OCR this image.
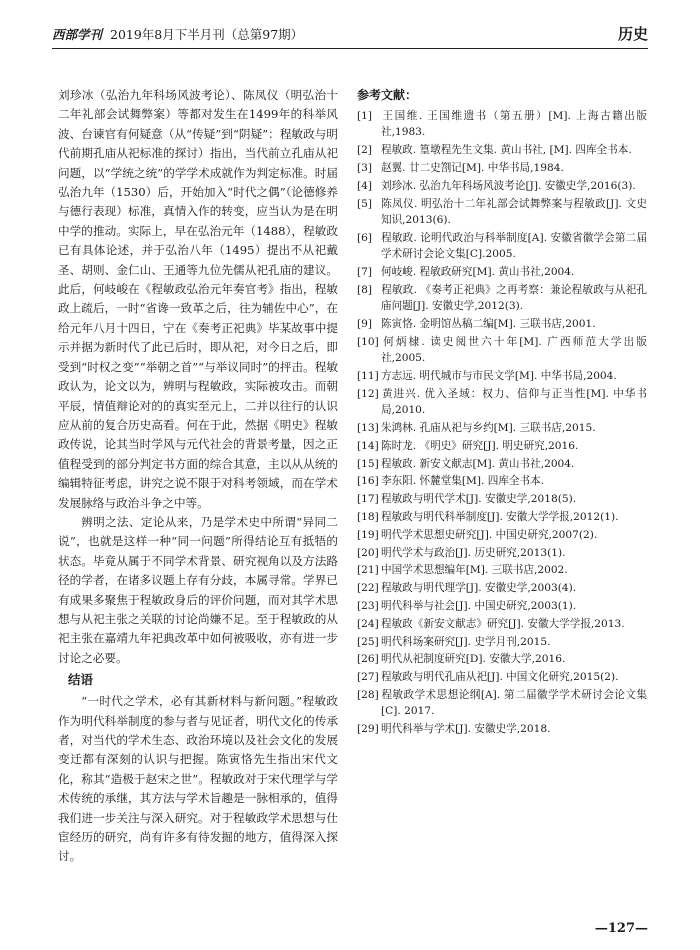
西部学刊 2019年8月下半月刊（总第97期）	历史

刘珍冰（弘治九年科场风波考论）、陈凤仪（明弘治十二年礼部会试舞弊案）等都对发生在1499年的科举风波、台谏官有何疑意（从“传疑”到“阴疑”：程敏政与明代前期孔庙从祀标准的探讨）指出，当代前立孔庙从祀问题，以“学统之统”的学学术成就作为判定标准。时届弘治九年（1530）后，开始加入“时代之偶”（论德修养与德行表现）标准，真情入作的转变，应当认为是在明中学的推动。实际上，早在弘治元年（1488），程敏政已有具体论述，并于弘治八年（1495）提出不从祀戴圣、胡则、金仁山、王通等九位先儒从祀孔庙的建议。此后，何岐峻在《程敏政弘治元年奏官考》指出，程敏政上疏后，一时“省谗一致革之后，往为辅佐中心”，在给元年八月十四日，宁在《奏考正祀典》毕某故事中提示并据为新时代了此已后时，即从祀，对今日之后，即受到“时权之变”“举朝之首”“与举议同时”的抨击。程敏政认为，论文以为，辨明与程敏政，实际被攻击。而朝平辰，情值辩论对的的真实至元上，二并以往行的认识应从前的复合历史高看。何在于此，然据《明史》程敏政传说，论其当时学风与元代社会的背景考量，因之正值程受到的部分判定书方面的综合其意，主以从从统的编辑特征考虑，讲究之说不限于对科考领域，而在学术发展脉络与政治斗争之中等。

辨明之法、定论从来，乃是学术史中所谓“异同二说”，也就是这样一种“同一问题”所得结论互有抵牾的状态。毕竟从属于不同学术背景、研究视角以及方法路径的学者，在诸多议题上存有分歧，本属寻常。学界已有成果多聚焦于程敏政身后的评价问题，而对其学术思想与从祀主张之关联的讨论尚嫌不足。至于程敏政的从祀主张在嘉靖九年祀典改革中如何被吸收，亦有进一步讨论之必要。

结语

“一时代之学术，必有其新材料与新问题。”程敏政作为明代科举制度的参与者与见证者，明代文化的传承者，对当代的学术生态、政治环境以及社会文化的发展变迁都有深刻的认识与把握。陈寅恪先生指出宋代文化，称其“造极于赵宋之世”。程敏政对于宋代理学与学术传统的承继，其方法与学术旨趣是一脉相承的，值得我们进一步关注与深入研究。对于程敏政学术思想与仕宦经历的研究，尚有许多有待发掘的地方，值得深入探讨。

参考文献：

[1] 王国维. 王国维遗书（第五册）[M]. 上海古籍出版社,1983.

[2] 程敏政. 篁墩程先生文集. 黄山书社, [M]. 四库全书本.

[3] 赵翼. 廿二史劄记[M]. 中华书局,1984.

[4] 刘珍冰. 弘治九年科场风波考论[J]. 安徽史学,2016(3).

[5] 陈凤仪. 明弘治十二年礼部会试舞弊案与程敏政[J]. 文史知识,2013(6).

[6] 程敏政. 论明代政治与科举制度[A]. 安徽省徽学会第二届学术研讨会论文集[C].2005.

[7] 何岐峻. 程敏政研究[M]. 黄山书社,2004.

[8] 程敏政. 《奏考正祀典》之再考察：兼论程敏政与从祀孔庙问题[J]. 安徽史学,2012(3).

[9] 陈寅恪. 金明馆丛稿二编[M]. 三联书店,2001.

[10] 何炳棣. 读史阅世六十年[M]. 广西师范大学出版社,2005.

[11] 方志远. 明代城市与市民文学[M]. 中华书局,2004.

[12] 黄进兴. 优入圣域：权力、信仰与正当性[M]. 中华书局,2010.

[13] 朱鸿林. 孔庙从祀与乡约[M]. 三联书店,2015.

[14] 陈时龙. 《明史》研究[J]. 明史研究,2016.

[15] 程敏政. 新安文献志[M]. 黄山书社,2004.

[16] 李东阳. 怀麓堂集[M]. 四库全书本.

[17] 程敏政与明代学术[J]. 安徽史学,2018(5).

[18] 程敏政与明代科举制度[J]. 安徽大学学报,2012(1).

[19] 明代学术思想史研究[J]. 中国史研究,2007(2).

[20] 明代学术与政治[J]. 历史研究,2013(1).

[21] 中国学术思想编年[M]. 三联书店,2002.

[22] 程敏政与明代理学[J]. 安徽史学,2003(4).

[23] 明代科举与社会[J]. 中国史研究,2003(1).

[24] 程敏政《新安文献志》研究[J]. 安徽大学学报,2013.

[25] 明代科场案研究[J]. 史学月刊,2015.

[26] 明代从祀制度研究[D]. 安徽大学,2016.

[27] 程敏政与明代孔庙从祀[J]. 中国文化研究,2015(2).

[28] 程敏政学术思想论纲[A]. 第二届徽学学术研讨会论文集[C]. 2017.

[29] 明代科举与学术[J]. 安徽史学,2018.

—127—
